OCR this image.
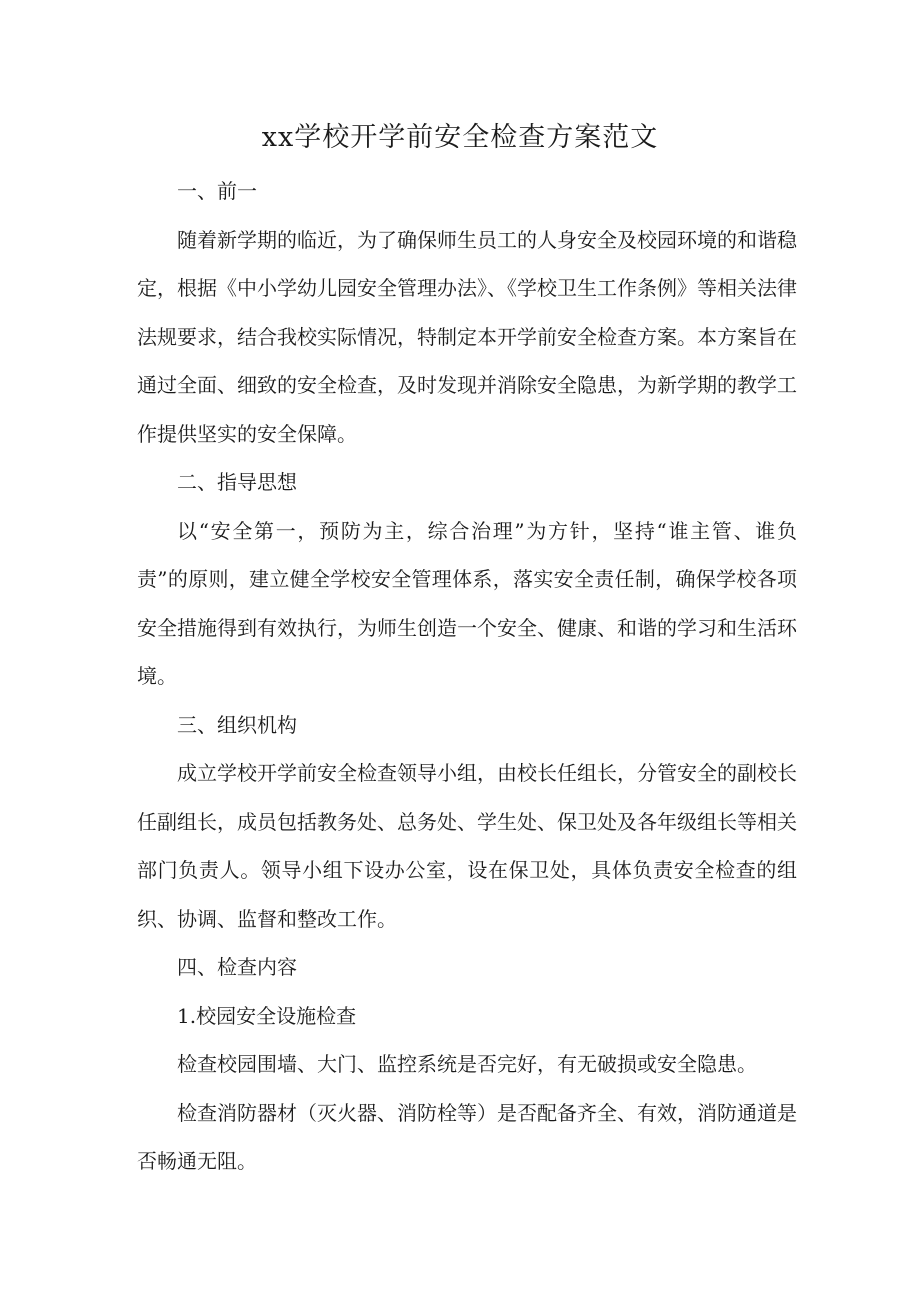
xx学校开学前安全检查方案范文

一、前一

随着新学期的临近，为了确保师生员工的人身安全及校园环境的和谐稳定，根据《中小学幼儿园安全管理办法》、《学校卫生工作条例》等相关法律法规要求，结合我校实际情况，特制定本开学前安全检查方案。本方案旨在通过全面、细致的安全检查，及时发现并消除安全隐患，为新学期的教学工作提供坚实的安全保障。

二、指导思想

以“安全第一，预防为主，综合治理”为方针，坚持“谁主管、谁负责”的原则，建立健全学校安全管理体系，落实安全责任制，确保学校各项安全措施得到有效执行，为师生创造一个安全、健康、和谐的学习和生活环境。

三、组织机构

成立学校开学前安全检查领导小组，由校长任组长，分管安全的副校长任副组长，成员包括教务处、总务处、学生处、保卫处及各年级组长等相关部门负责人。领导小组下设办公室，设在保卫处，具体负责安全检查的组织、协调、监督和整改工作。

四、检查内容

1.校园安全设施检查

检查校园围墙、大门、监控系统是否完好，有无破损或安全隐患。

检查消防器材（灭火器、消防栓等）是否配备齐全、有效，消防通道是否畅通无阻。
